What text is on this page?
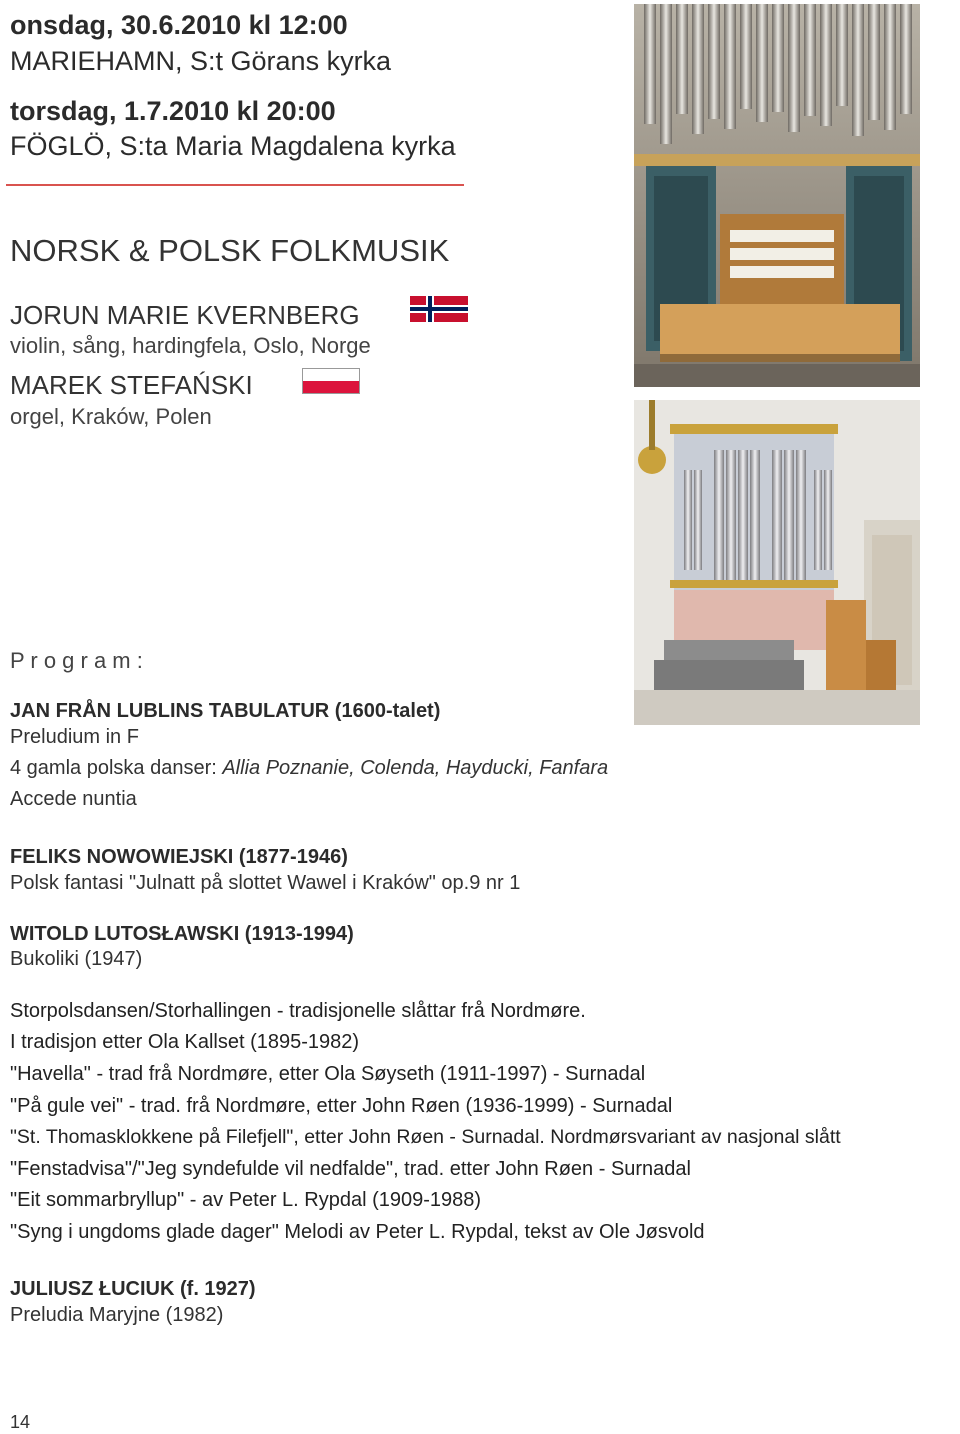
onsdag, 30.6.2010 kl 12:00
MARIEHAMN, S:t Görans kyrka
torsdag, 1.7.2010 kl 20:00
FÖGLÖ, S:ta Maria Magdalena kyrka
NORSK & POLSK FOLKMUSIK
JORUN MARIE KVERNBERG
violin, sång, hardingfela, Oslo, Norge
MAREK STEFAŃSKI
orgel, Kraków, Polen
P r o g r a m :
JAN FRÅN LUBLINS TABULATUR (1600-talet)
Preludium in F
4 gamla polska danser: Allia Poznanie, Colenda, Hayducki, Fanfara
Accede nuntia
FELIKS NOWOWIEJSKI (1877-1946)
Polsk fantasi "Julnatt på slottet Wawel i Kraków" op.9 nr 1
WITOLD LUTOSŁAWSKI (1913-1994)
Bukoliki (1947)
Storpolsdansen/Storhallingen - tradisjonelle slåttar frå Nordmøre.
I tradisjon etter Ola Kallset (1895-1982)
"Havella" - trad frå Nordmøre, etter Ola Søyseth (1911-1997) - Surnadal
"På gule vei" - trad. frå Nordmøre, etter John Røen (1936-1999) - Surnadal
"St. Thomasklokkene på Filefjell", etter John Røen - Surnadal. Nordmørsvariant av nasjonal slått
"Fenstadvisa"/"Jeg syndefulde vil nedfalde", trad. etter John Røen - Surnadal
"Eit sommarbryllup" - av Peter L. Rypdal (1909-1988)
"Syng i ungdoms glade dager" Melodi av Peter L. Rypdal, tekst av Ole Jøsvold
JULIUSZ ŁUCIUK (f. 1927)
Preludia Maryjne (1982)
14
